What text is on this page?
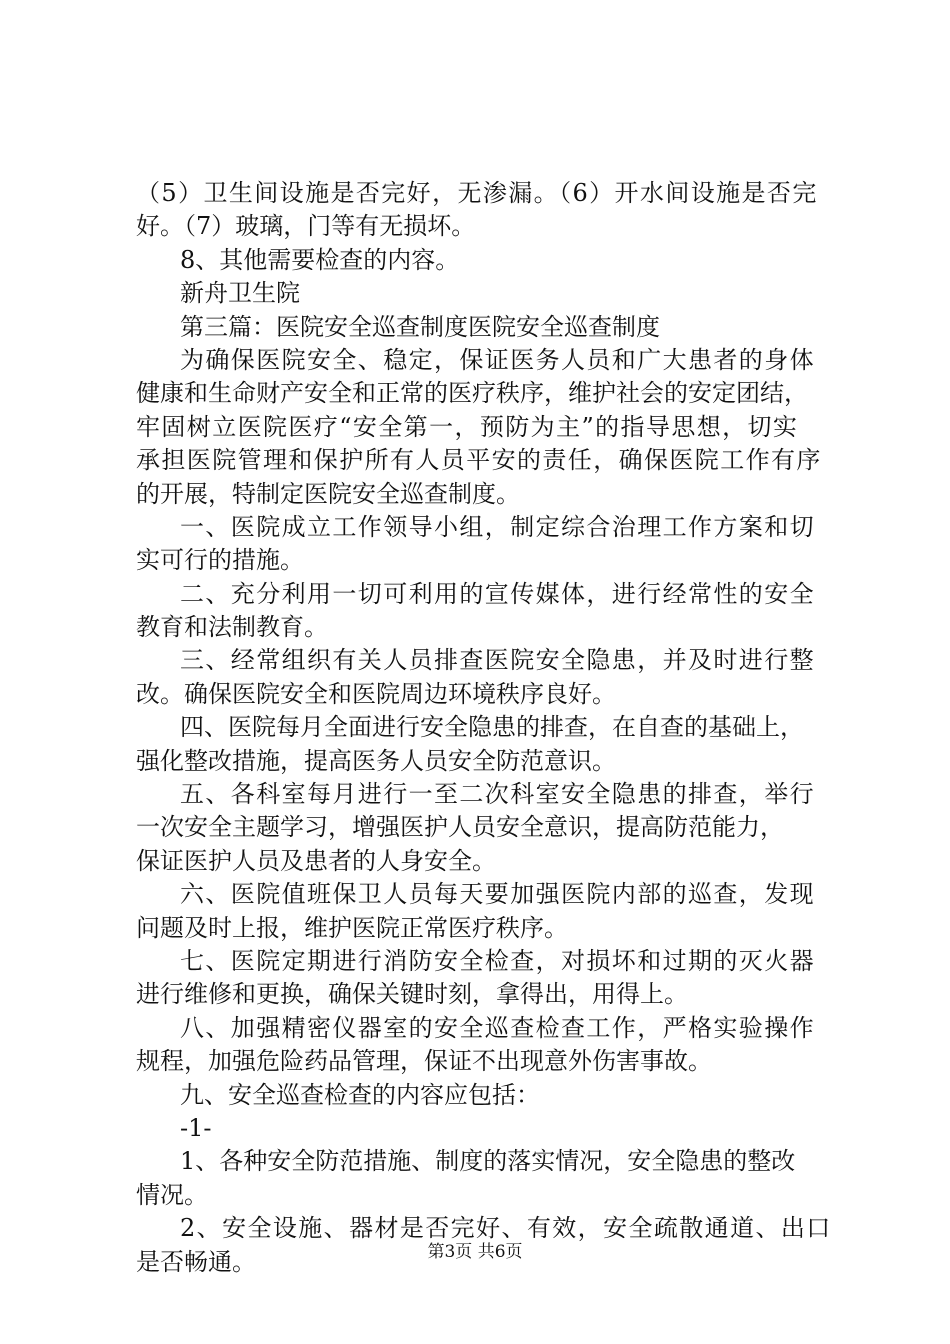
（5）卫生间设施是否完好，无渗漏。（6）开水间设施是否完
好。（7）玻璃，门等有无损坏。
8、其他需要检查的内容。
新舟卫生院
第三篇：医院安全巡查制度医院安全巡查制度
为确保医院安全、稳定，保证医务人员和广大患者的身体
健康和生命财产安全和正常的医疗秩序，维护社会的安定团结，
牢固树立医院医疗“安全第一，预防为主”的指导思想，切实
承担医院管理和保护所有人员平安的责任，确保医院工作有序
的开展，特制定医院安全巡查制度。
一、医院成立工作领导小组，制定综合治理工作方案和切
实可行的措施。
二、充分利用一切可利用的宣传媒体，进行经常性的安全
教育和法制教育。
三、经常组织有关人员排查医院安全隐患，并及时进行整
改。确保医院安全和医院周边环境秩序良好。
四、医院每月全面进行安全隐患的排查，在自查的基础上，
强化整改措施，提高医务人员安全防范意识。
五、各科室每月进行一至二次科室安全隐患的排查，举行
一次安全主题学习，增强医护人员安全意识，提高防范能力，
保证医护人员及患者的人身安全。
六、医院值班保卫人员每天要加强医院内部的巡查，发现
问题及时上报，维护医院正常医疗秩序。
七、医院定期进行消防安全检查，对损坏和过期的灭火器
进行维修和更换，确保关键时刻，拿得出，用得上。
八、加强精密仪器室的安全巡查检查工作，严格实验操作
规程，加强危险药品管理，保证不出现意外伤害事故。
九、安全巡查检查的内容应包括：
-1-
1、各种安全防范措施、制度的落实情况，安全隐患的整改
情况。
2、安全设施、器材是否完好、有效，安全疏散通道、出口
是否畅通。	第3页 共6页
